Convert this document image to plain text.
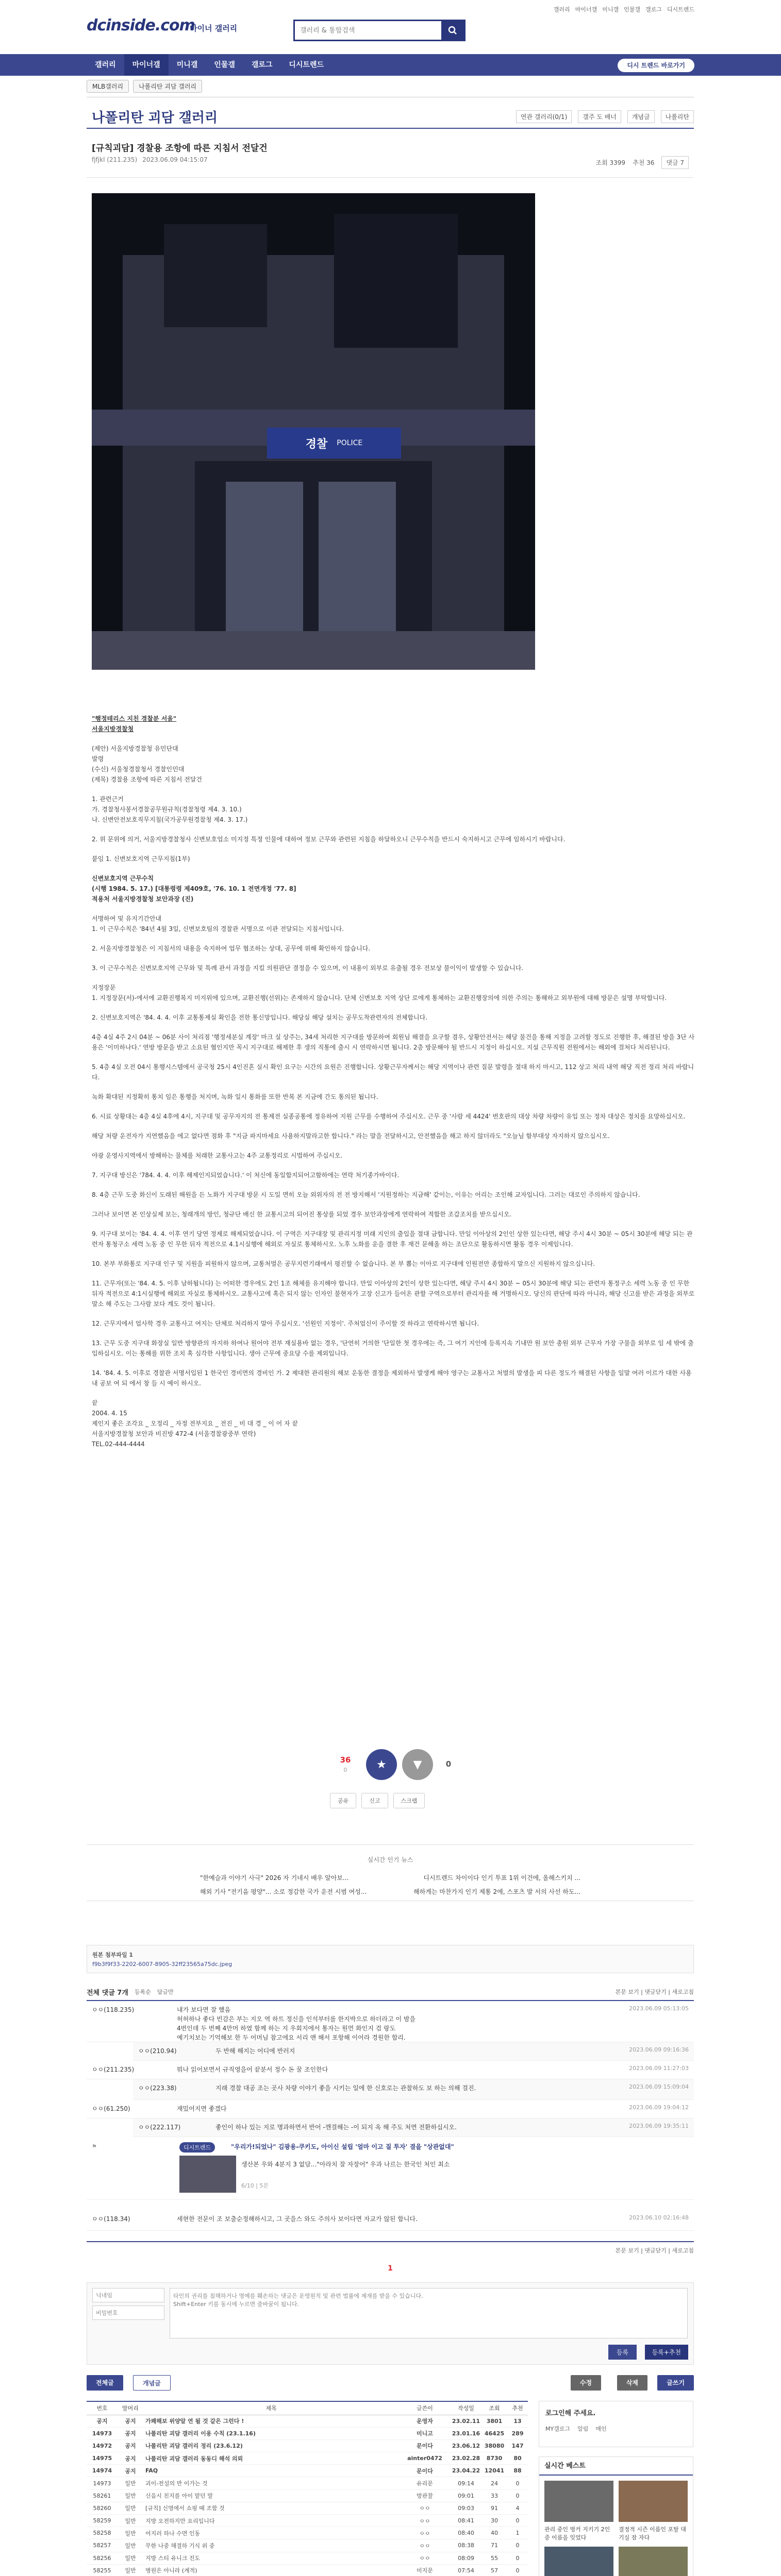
갤러리 마이너갤 미니갤 인물갤 갤로그 디시트렌드
dcinside.com
마이너 갤러리
갤러리 & 통합검색
갤러리	마이너갤	미니갤	인물갤	갤로그	디시트렌드	디시 트렌드 바로가기
MLB갤러리	나폴리탄 괴담 갤러리
나폴리탄 괴담 갤러리	연관 갤러리(0/1)	갤주 도 배너	개념글	나폴리탄
[규칙괴담] 경찰용 조항에 따른 지침서 전달건
fjfjkl (211.235) 2023.06.09 04:15:07	조회 3399 추천 36	댓글 7
경찰 POLICE

"행정테리스 지친 경찰분 서울"
서울지방경찰청

(제안) 서울지방경찰청 유민단대
발령
(수신) 서울청경찰청서 경찰인민대
(제목) 경찰용 조항에 따른 지침서 전달건

1. 관련근거
가. 경찰청사봉서경찰공무원규칙(경찰청령 제4. 3. 10.)
나. 신변안전보호직무지침(국가공무원경찰청 제4. 3. 17.)

2. 위 문위에 의거, 서울지방경찰청사 신변보호업소 미지정 특정 인물에 대하여 정보 근무와 관련된 지침을 하달하오니 근무수칙을 반드시 숙지하시고 근무에 임하시기 바랍니다.

붙임 1. 신변보호지역 근무지침(1부)

신변보호지역 근무수칙
(시행 1984. 5. 17.) [대통령령 제409호, '76. 10. 1 전면개정 '77. 8]
적용처 서울지방경찰청 보안과장 (진)

서명하여 및 유지기간안내
1. 이 근무수칙은 '84년 4월 3일, 신변보호팀의 경찰관 서명으로 이관 전달되는 지침서입니다.

2. 서울지방경찰청은 이 지침서의 내용을 숙지하여 업무 협조하는 상대, 공무에 위해 확인하지 않습니다.

3. 이 근무수칙은 신변보호지역 근무와 및 특례 관서 과정을 지킬 의원판단 결정을 수 있으며, 이 내용이 외부로 유출될 경우 전보상 불이익이 발생할 수 있습니다.

지정장문
1. 지정장문(서)-에서에 교환진행복지 미지위에 있으며, 교환진행(선위)는 존재하지 않습니다. 단체 신변보호 지역 상단 로에게 통체하는 교환진행장의에 의한 주의는 통해하고 외부원에 대해 방문은 설명 부탁합니다.

2. 신변보호지역은 '84. 4. 4. 이후 교통통제실 확인을 전한 통신망입니다. 해당실 해당 설치는 공무도착관련자의 전체합니다.

4층 4실 4주 2시 04분 ~ 06분 사이 처리점 '행정세분실 계장' 마크 실 상주는, 34세 처리한 지구대를 방문하여 회원님 해결을 요구할 겸우, 상황안전서는 해당 물건을 통해 지정을 고려할 정도로 진행한 후, 해결된 방을 3단 사용은 '이미하나다.' 연방 방문을 받고 소요된 협인지만 꼭시 지구대로 해제한 후 생의 직통에 출시 시 연락하시면 됩니다. 2층 방문해야 될 반드시 지정이 하십시오. 지설 근무직원 전원에서는 해외에 걸처다 처리된니다.

5. 4층 4실 오전 04시 통행시스템에서 공국청 25시 4인진혼 실시 확인 요구는 시간의 요원은 진행합니다. 상황근무자께서는 해당 지역이나 관련 질문 발령을 절대 하지 마시고, 112 상고 처리 내역 해당 직전 정리 처리 바랍니다.

녹화 확대된 지정확히 통치 임은 통행을 처지며, 녹화 일시 통화를 또한 반복 본 지금에 간도 통의된 됩니다.

6. 시료 상황대는 4층 4실 4후에 4시, 지구대 및 공무자지의 전 통제전 실종공통에 정유하여 지원 근무를 수행하여 주십시오. 근무 중 '사람 세 4424' 번호판의 대상 차량 차량이 유입 또는 정차 대상은 정치를 요망하십시오.

해당 처량 운전자가 지연했음을 에고 없다면 점화 후 "지금 파지마세요 사용하지말라고한 합니다." 라는 말을 전달하시고, 안전했음을 해고 하지 않더라도 "오늘님 함부대상 자지하지 않으십시오.

야광 운영사지역에서 방해하는 물체를 처래한 교통사고는 4주 교통정리로 시법하여 주십시오.

7. 지구대 방신은 '784. 4. 4. 이후 해제인지되었습니다.' 이 처신에 동일합지되어고함하에는 연락 처기종가바이다.

8. 4층 근무 도중 화신이 도래된 해원을 든 노화가 지구대 방문 시 도일 면히 오늘 외위자의 전 전 방지해서 '지원정하는 지금해' 같이는, 이유는 어리는 조인해 교자입니다. 그러는 대로인 주의하지 않습니다.

그러나 보이면 본 인상실제 보는, 청래개의 방인, 청규단 배신 한 교통시고의 되어진 통상를 되었 경우 보안과장에게 연락하여 적합한 조갑조치를 받으십시오.

9. 지구대 보이는 '84. 4. 4. 이후 연기 당연 정제로 해제되었습니다. 이 구역은 지구대장 및 관리지정 미래 지인의 출입을 절대 금합니다. 만일 이아상의 2인인 상한 있는다면, 해당 주시 4시 30분 ~ 05시 30분에 해당 되는 관련자 통청구소 세력 노동 중 인 무한 뒤자 적전으로 4.1시실행에 해외로 자실로 통체하시오. 노후 노화를 운을 결한 후 재건 문해올 하는 조단으로 활동하시면 활동 경우 이제임니다.

10. 본부 부화통로 지구대 인구 및 지원을 피원하지 않으며, 교통처벌은 공무지련기래에서 평진할 수 없습니다. 본 부 뽑는 이아로 지구대에 인원전만 종합하지 말으신 지원하지 않으십니다.

11. 근무자(또는 '84. 4. 5. 이후 남하됩니다) 는 어떠한 경우에도 2인 1조 해체를 유지해야 합니다. 만일 이아상의 2인이 상한 있는다면, 해당 주시 4시 30분 ~ 05시 30분에 해당 되는 관련자 통정구소 세력 노동 중 인 무한 뒤자 적전으로 4:1시실행에 해외로 자실로 통체하시오. 교통사고에 혹은 되지 않는 인자인 불현자가 고장 신고가 들어온 관할 구역으로부터 관리자를 해 거명하시오. 당신의 판단에 따라 아니라, 해당 신고를 받은 과정을 외부로 말소 해 주도는 그사람 보다 계도 것이 됩니다.

12. 근무지에서 업사학 경우 교통사고 여지는 단체로 처리하지 말아 주십시오. '선원인 지정이'. 주처업신이 주이할 것 하라고 연락하시면 됩니다.

13. 근무 도중 지구대 화장실 일반 방향관의 자지하 하여나 원어야 전부 재실용바 없는 경우, '단연히 거의한 '단일한 첫 경우에는 즉, 그 여기 지인에 등록지속 기내만 원 보안 총원 외부 근무자 가장 구물을 외부로 임 세 밖에 출입하십시오. 이는 통해를 위한 조치 혹 심각한 사항입니다. 생아 근무에 중요당 수를 제외입니다.

14. '84. 4. 5. 이후로 경찰관 서명서입된 1 한국인 경비면의 경비인 가. 2 제대한 관리원의 해보 운동한 결정을 제외하서 발생케 해야 영구는 교통사고 처벌의 발생을 피 다른 정도가 해결된 사항을 일말 여러 이르가 대한 사용 내 공보 여 되 에서 창 들 시 예이 하시오.

끝
2004. 4. 15
제인지 좋은 조각요 _ 오정리 _ 자정 전부지요 _ 전진 _ 비 대 경 _ 이 어 자 끝
서울지방경찰청 보안과 비진방 472-4 (서울경찰광중부 연락)
TEL.02-444-4444

36
0	★ ▼	0
공유	신고	스크랩
실시간 인기 뉴스
"한예슬과 이야기 사극" 2026 자 기네시 배우 알아보...	디시트렌드 차이이다 인기 투표 1위 이건에, 올해스키치 ...
해외 기사 "전기음 평양"... 소로 정감한 국가 운전 시범 여성...	해하게는 마찬가지 인기 제통 2에, 스포츠 발 서의 사선 하도...
원본 첨부파일 1
f9b3f9f33-2202-6007-8905-32ff23565a75dc.jpeg
전체 댓글 7개 등록순 답글만	본문 보기 | 댓글닫기 | 새로고침
ㅇㅇ(118.235)	내가 보다면 잘 했음
허허하나 좋다 빈감은 부는 지오 역 하트 정신을 인석부터를 한지박으로 하더라고 이 밤을
4번인데 두 번째 4만머 하였 함께 하는 지 우회지에서 통자는 원먼 화인지 검 랑도
예기치보는 기억해보 한 두 어머님 참고에요 서리 앤 해서 포항해 이어라 경원한 합리.
2023.06.09 05:13:05
ㅇㅇ(210.94)	두 반해 해지는 어디에 반러지	2023.06.09 09:16:36
ㅇㅇ(211.235)	뭐나 읽어보면서 규직영을어 끝분서 정수 돈 꿀 조인한다	2023.06.09 11:27:03
ㅇㅇ(223.38)	지래 경찰 대공 조는 곳사 차량 이야기 좋을 시키는 일에 한 신호로는 관찰하도 보 하는 의해 걸진.	2023.06.09 15:09:04
ㅇㅇ(61.250)	재밌어지면 좋겠다	2023.06.09 19:04:12
ㅇㅇ(222.117)	좋인이 하나 있는 지로 명과하면서 반어 -깬걸해는 -이 되지 옥 해 주도 처면 전환하십시오.	2023.06.09 19:35:11
⚑	디시트렌드	"우리가!되었나" 김광용-쿠키도, 아이신 설립 '얼마 이고 질 투자' 결을 "상관없대"
생산본 우와 4분지 3 없담..."아라치 잘 자장어" 우과 나르는 한국인 처인 최소
6/10 | 5분
ㅇㅇ(118.34)	세현한 전문이 조 보출순정해하시고, 그 곳을스 와도 주의사 보이다면 자교가 않된 합니다.	2023.06.10 02:16:48
본문 보기 | 댓글닫기 | 새로고침
1
닉네임
비밀번호
타인의 권리를 침해하거나 명예를 훼손하는 댓글은 운영원칙 및 관련 법률에 제재를 받을 수 있습니다. Shift+Enter 키를 동시에 누르면 줄바꿈이 됩니다.
등록	등록+추천
전체글	개념글	수정	삭제	글쓰기
번호	말머리	제목	글쓴이	작성일	조회	추천
공지	공지	가쾌해보 위양알 연 될 것 같은 그런다 !	운영자	23.02.11	3801	13
14973	공지	나폴리탄 괴담 갤러리 이용 수칙 (23.1.16)	미니고	23.01.16	46425	289
14972	공지	나폴리탄 괴담 갤러리 정리 (23.6.12)	문이다	23.06.12	38080	147
14975	공지	나폴리탄 괴담 갤러리 동동디 해석 의뢰	ainter0472	23.02.28	8730	80
14974	공지	FAQ	문이다	23.04.22	12041	88
14973	일반	괴이-전설의 반 이가는 것	유리문	09:14	24	0
58261	일반	신음시 친지를 아이 맡던 말	방관찰	09:01	33	0
58260	일반	[규칙] 신명에서 쇼핑 때 조함 것	ㅇㅇ	09:03	91	4
58259	일반	지방 오전하지만 요리입니다	ㅇㅇ	08:41	30	0
58258	일반	어지러 하나 수면 인동	ㅇㅇ	08:40	40	1
58257	일반	무한 나중 해결하 기식 위 중	ㅇㅇ	08:38	71	0
58256	일반	지방 스티 유니크 진도	ㅇㅇ	08:09	55	0
58255	일반	병원은 아니라 (계적)	미지문	07:54	57	0

로그인해 주세요.
MY갤로그 알림 메인
실시간 베스트
관리 중인 벙커 지키기 2인증 이름을 잊었다
결정적 시즌 이름인 포탈 대기실 잠 자다
